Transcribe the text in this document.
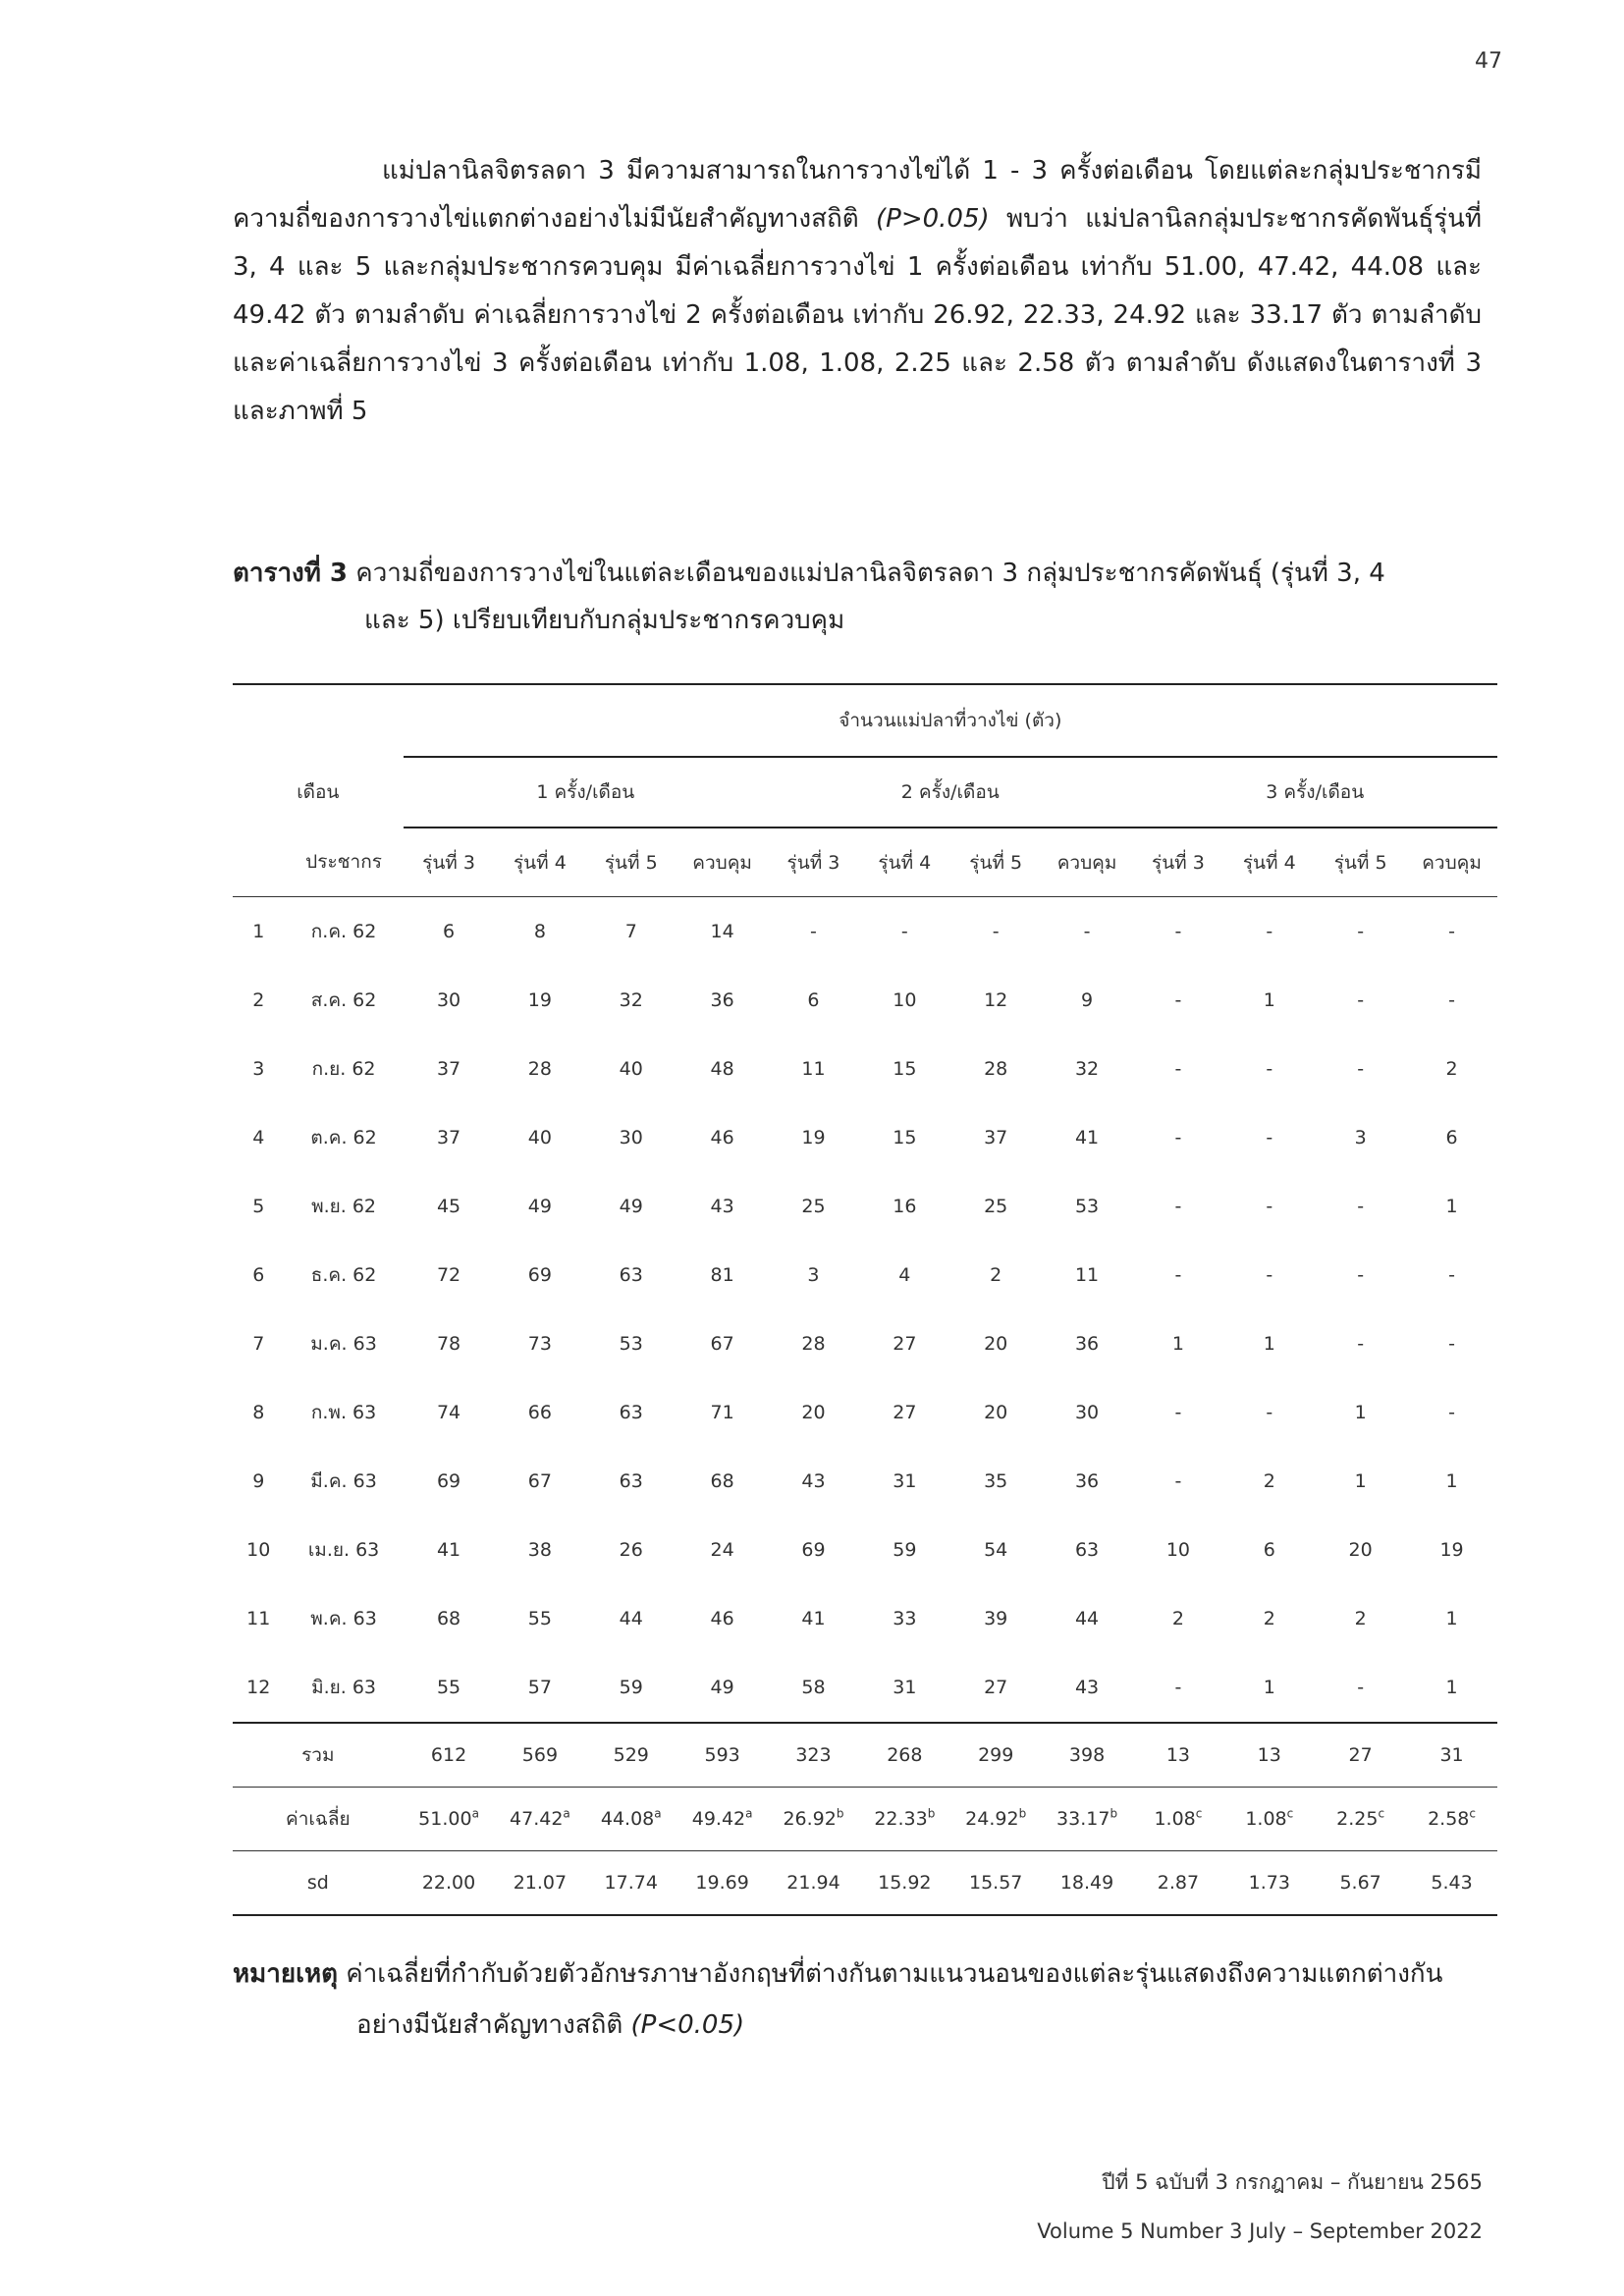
47
แม่ปลานิลจิตรลดา 3 มีความสามารถในการวางไข่ได้ 1 - 3 ครั้งต่อเดือน โดยแต่ละกลุ่มประชากรมีความถี่ของการวางไข่แตกต่างอย่างไม่มีนัยสำคัญทางสถิติ (P>0.05) พบว่า แม่ปลานิลกลุ่มประชากรคัดพันธุ์รุ่นที่ 3, 4 และ 5 และกลุ่มประชากรควบคุม มีค่าเฉลี่ยการวางไข่ 1 ครั้งต่อเดือน เท่ากับ 51.00, 47.42, 44.08 และ 49.42 ตัว ตามลำดับ ค่าเฉลี่ยการวางไข่ 2 ครั้งต่อเดือน เท่ากับ 26.92, 22.33, 24.92 และ 33.17 ตัว ตามลำดับ และค่าเฉลี่ยการวางไข่ 3 ครั้งต่อเดือน เท่ากับ 1.08, 1.08, 2.25 และ 2.58 ตัว ตามลำดับ ดังแสดงในตารางที่ 3 และภาพที่ 5
ตารางที่ 3 ความถี่ของการวางไข่ในแต่ละเดือนของแม่ปลานิลจิตรลดา 3 กลุ่มประชากรคัดพันธุ์ (รุ่นที่ 3, 4
และ 5) เปรียบเทียบกับกลุ่มประชากรควบคุม
		จำนวนแม่ปลาที่วางไข่ (ตัว)											
เดือน		1 ครั้ง/เดือน				2 ครั้ง/เดือน				3 ครั้ง/เดือน			
	ประชากร	รุ่นที่ 3	รุ่นที่ 4	รุ่นที่ 5	ควบคุม	รุ่นที่ 3	รุ่นที่ 4	รุ่นที่ 5	ควบคุม	รุ่นที่ 3	รุ่นที่ 4	รุ่นที่ 5	ควบคุม
1	ก.ค. 62	6	8	7	14	-	-	-	-	-	-	-	-
2	ส.ค. 62	30	19	32	36	6	10	12	9	-	1	-	-
3	ก.ย. 62	37	28	40	48	11	15	28	32	-	-	-	2
4	ต.ค. 62	37	40	30	46	19	15	37	41	-	-	3	6
5	พ.ย. 62	45	49	49	43	25	16	25	53	-	-	-	1
6	ธ.ค. 62	72	69	63	81	3	4	2	11	-	-	-	-
7	ม.ค. 63	78	73	53	67	28	27	20	36	1	1	-	-
8	ก.พ. 63	74	66	63	71	20	27	20	30	-	-	1	-
9	มี.ค. 63	69	67	63	68	43	31	35	36	-	2	1	1
10	เม.ย. 63	41	38	26	24	69	59	54	63	10	6	20	19
11	พ.ค. 63	68	55	44	46	41	33	39	44	2	2	2	1
12	มิ.ย. 63	55	57	59	49	58	31	27	43	-	1	-	1
รวม		612	569	529	593	323	268	299	398	13	13	27	31
ค่าเฉลี่ย		51.00$^a$	47.42$^a$	44.08$^a$	49.42$^a$	26.92$^b$	22.33$^b$	24.92$^b$	33.17$^b$	1.08$^c$	1.08$^c$	2.25$^c$	2.58$^c$
sd		22.00	21.07	17.74	19.69	21.94	15.92	15.57	18.49	2.87	1.73	5.67	5.43
หมายเหตุ ค่าเฉลี่ยที่กำกับด้วยตัวอักษรภาษาอังกฤษที่ต่างกันตามแนวนอนของแต่ละรุ่นแสดงถึงความแตกต่างกัน
อย่างมีนัยสำคัญทางสถิติ (P<0.05)
ปีที่ 5 ฉบับที่ 3 กรกฎาคม – กันยายน 2565
Volume 5 Number 3 July – September 2022
